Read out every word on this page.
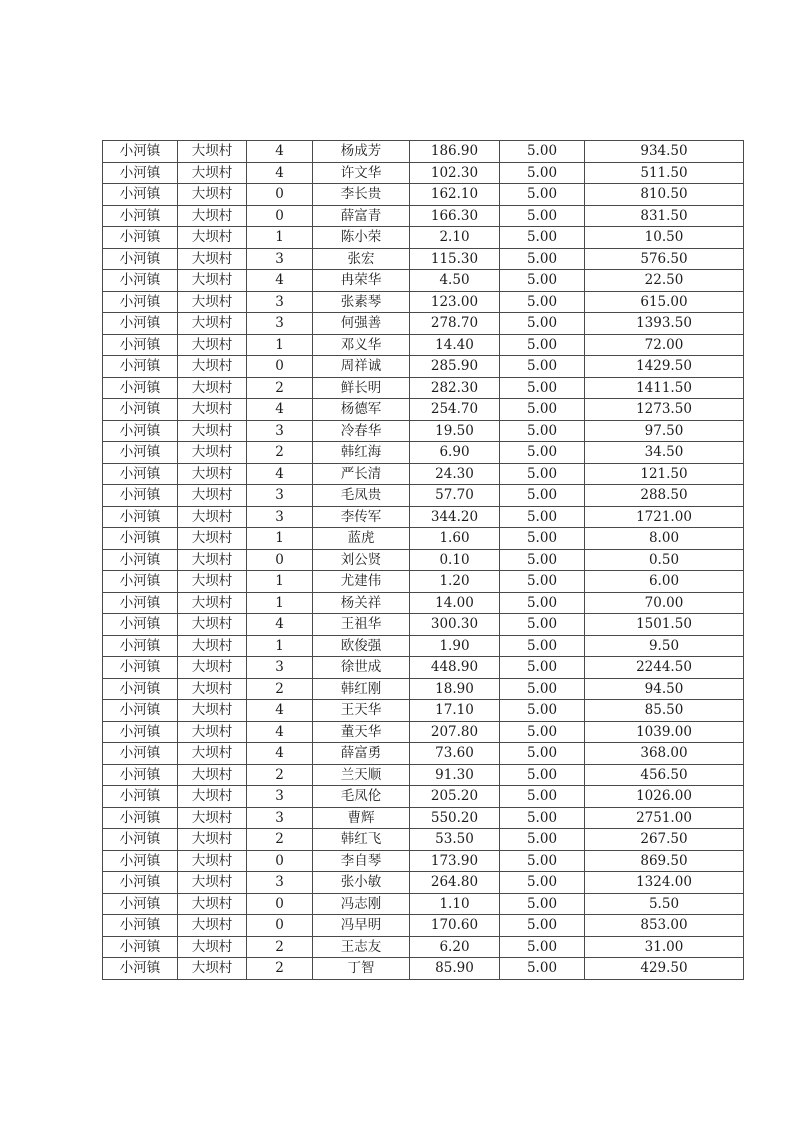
小河镇	大坝村	4	杨成芳	186.90	5.00	934.50
小河镇	大坝村	4	许文华	102.30	5.00	511.50
小河镇	大坝村	0	李长贵	162.10	5.00	810.50
小河镇	大坝村	0	薛富青	166.30	5.00	831.50
小河镇	大坝村	1	陈小荣	2.10	5.00	10.50
小河镇	大坝村	3	张宏	115.30	5.00	576.50
小河镇	大坝村	4	冉荣华	4.50	5.00	22.50
小河镇	大坝村	3	张素琴	123.00	5.00	615.00
小河镇	大坝村	3	何强善	278.70	5.00	1393.50
小河镇	大坝村	1	邓义华	14.40	5.00	72.00
小河镇	大坝村	0	周祥诚	285.90	5.00	1429.50
小河镇	大坝村	2	鲜长明	282.30	5.00	1411.50
小河镇	大坝村	4	杨德军	254.70	5.00	1273.50
小河镇	大坝村	3	冷春华	19.50	5.00	97.50
小河镇	大坝村	2	韩红海	6.90	5.00	34.50
小河镇	大坝村	4	严长清	24.30	5.00	121.50
小河镇	大坝村	3	毛凤贵	57.70	5.00	288.50
小河镇	大坝村	3	李传军	344.20	5.00	1721.00
小河镇	大坝村	1	蓝虎	1.60	5.00	8.00
小河镇	大坝村	0	刘公贤	0.10	5.00	0.50
小河镇	大坝村	1	尤建伟	1.20	5.00	6.00
小河镇	大坝村	1	杨关祥	14.00	5.00	70.00
小河镇	大坝村	4	王祖华	300.30	5.00	1501.50
小河镇	大坝村	1	欧俊强	1.90	5.00	9.50
小河镇	大坝村	3	徐世成	448.90	5.00	2244.50
小河镇	大坝村	2	韩红刚	18.90	5.00	94.50
小河镇	大坝村	4	王天华	17.10	5.00	85.50
小河镇	大坝村	4	董天华	207.80	5.00	1039.00
小河镇	大坝村	4	薛富勇	73.60	5.00	368.00
小河镇	大坝村	2	兰天顺	91.30	5.00	456.50
小河镇	大坝村	3	毛凤伦	205.20	5.00	1026.00
小河镇	大坝村	3	曹辉	550.20	5.00	2751.00
小河镇	大坝村	2	韩红飞	53.50	5.00	267.50
小河镇	大坝村	0	李自琴	173.90	5.00	869.50
小河镇	大坝村	3	张小敏	264.80	5.00	1324.00
小河镇	大坝村	0	冯志刚	1.10	5.00	5.50
小河镇	大坝村	0	冯早明	170.60	5.00	853.00
小河镇	大坝村	2	王志友	6.20	5.00	31.00
小河镇	大坝村	2	丁智	85.90	5.00	429.50
